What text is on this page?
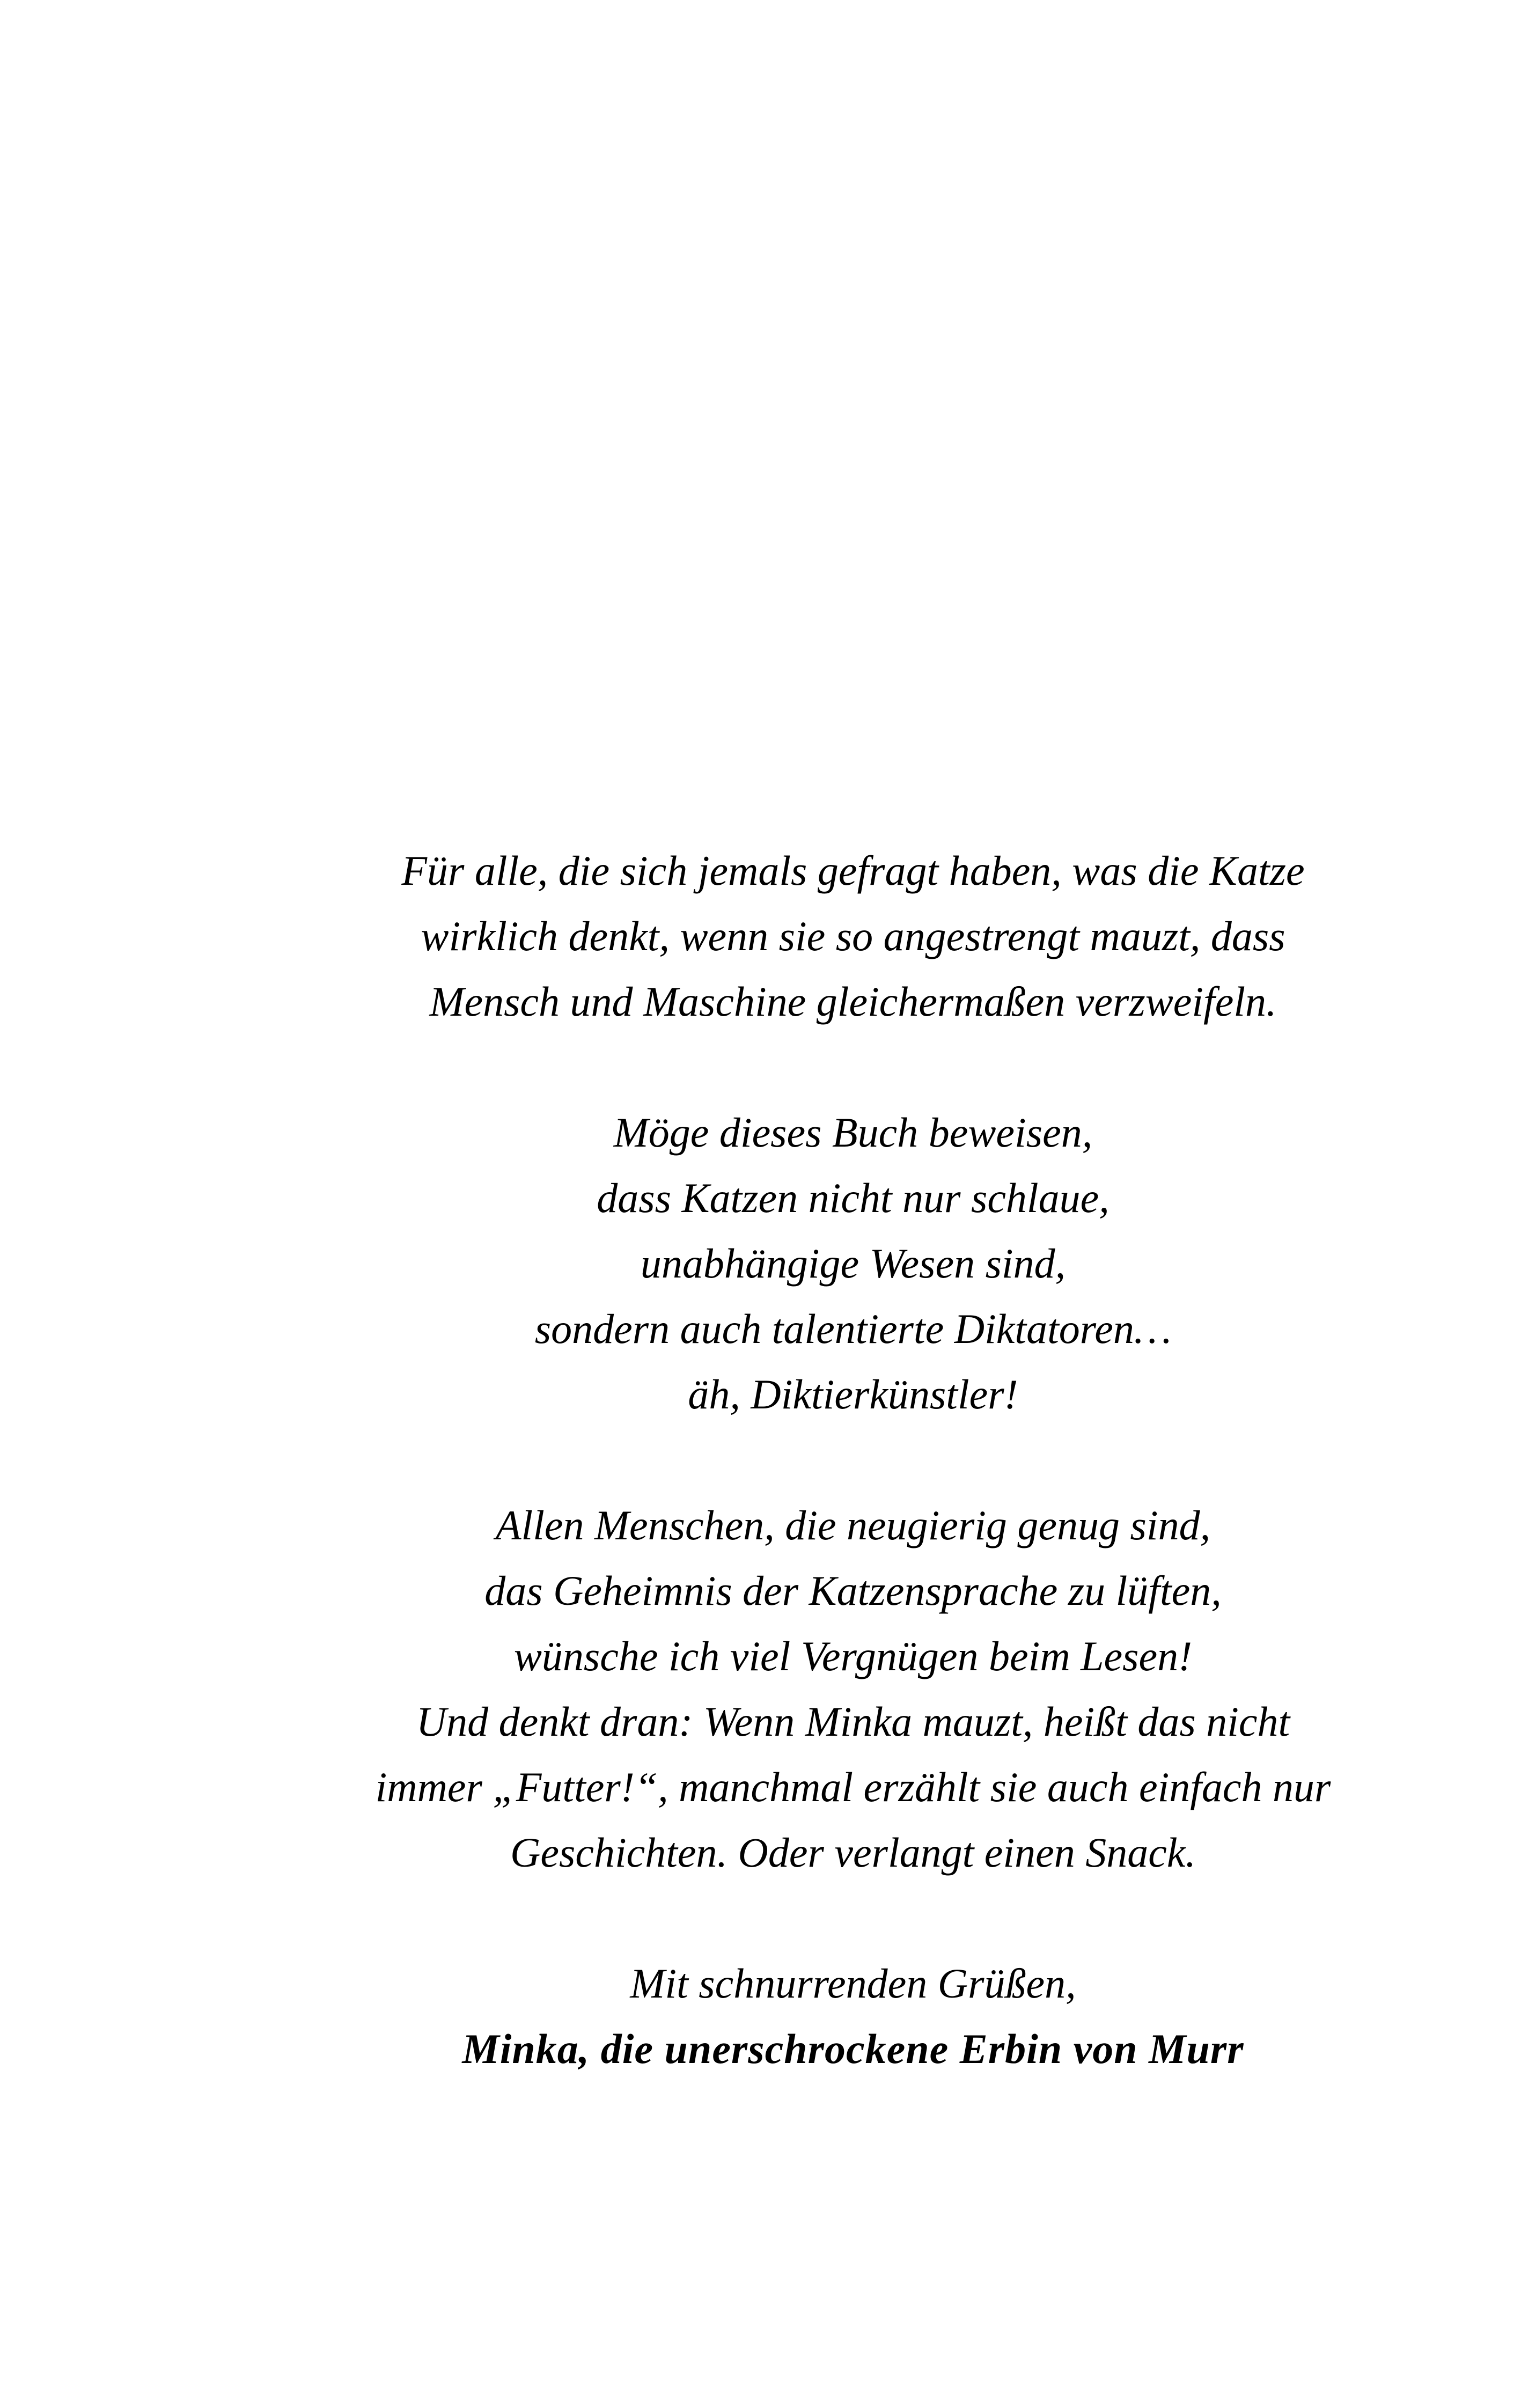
Für alle, die sich jemals gefragt haben, was die Katze
wirklich denkt, wenn sie so angestrengt mauzt, dass
Mensch und Maschine gleichermaßen verzweifeln.
Möge dieses Buch beweisen,
dass Katzen nicht nur schlaue,
unabhängige Wesen sind,
sondern auch talentierte Diktatoren…
äh, Diktierkünstler!
Allen Menschen, die neugierig genug sind,
das Geheimnis der Katzensprache zu lüften,
wünsche ich viel Vergnügen beim Lesen!
Und denkt dran: Wenn Minka mauzt, heißt das nicht
immer „Futter!“, manchmal erzählt sie auch einfach nur
Geschichten. Oder verlangt einen Snack.
Mit schnurrenden Grüßen,
Minka, die unerschrockene Erbin von Murr
